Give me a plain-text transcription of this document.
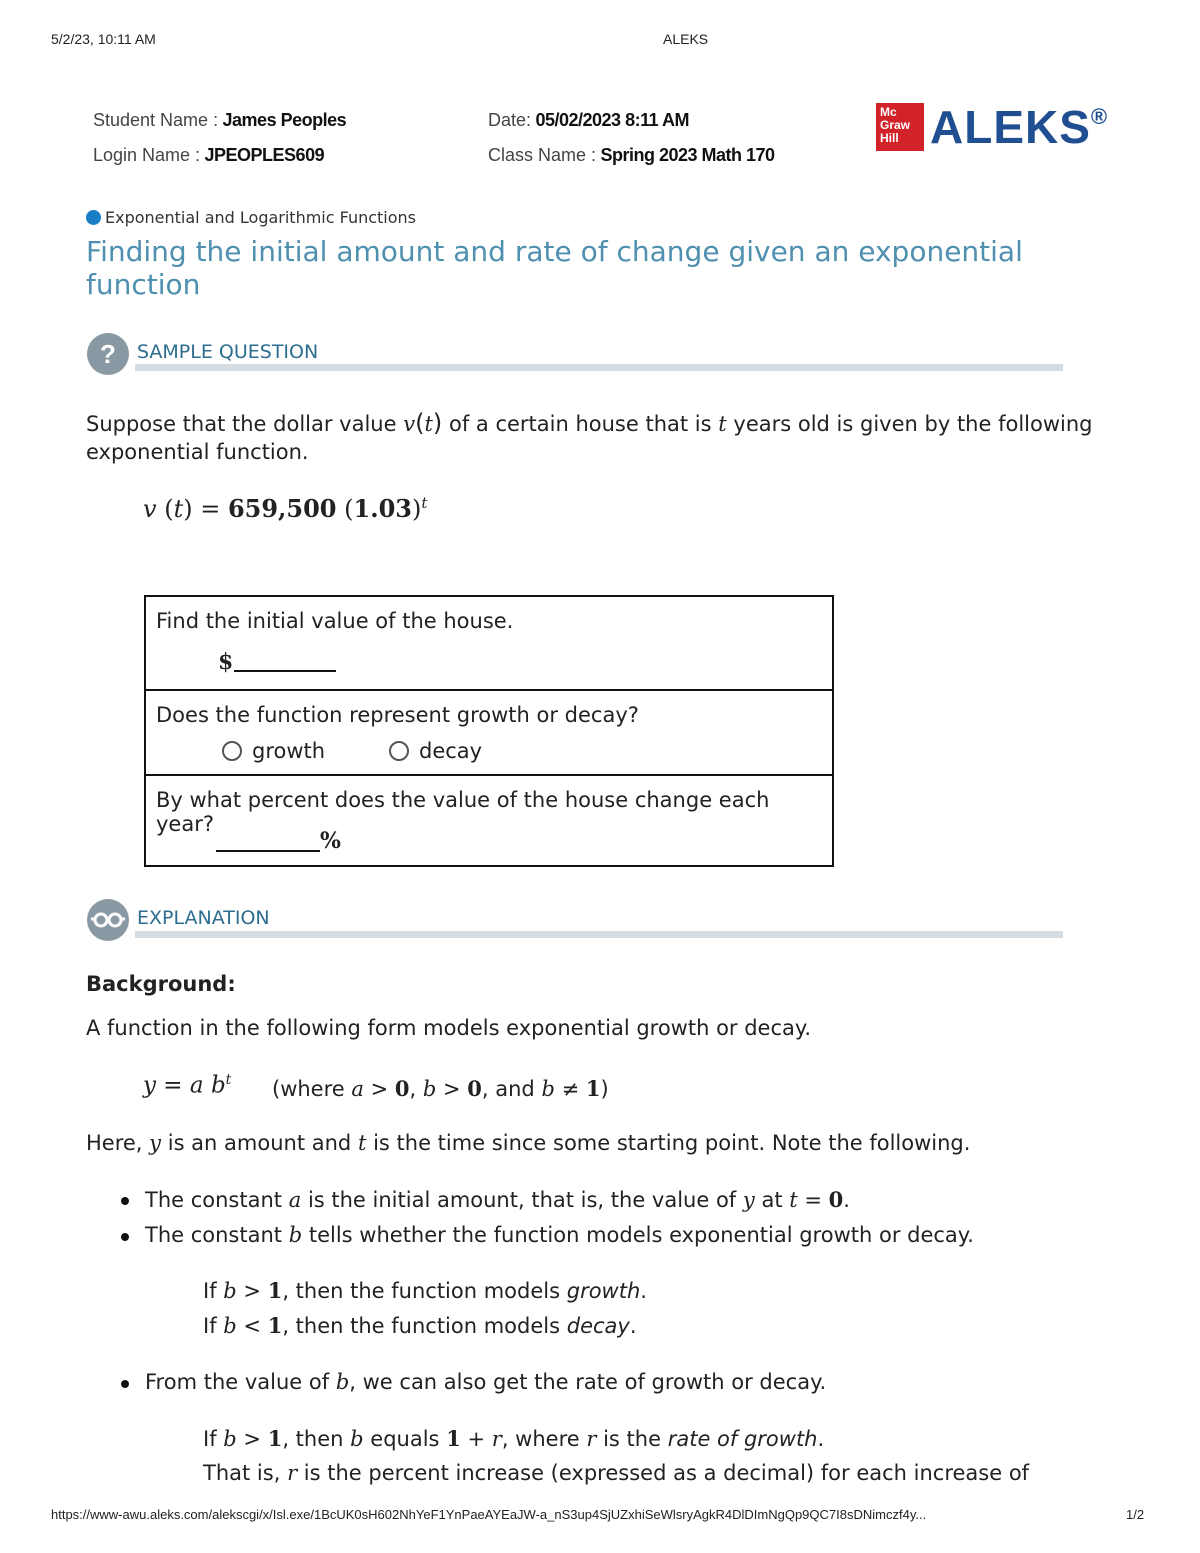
5/2/23, 10:11 AM	ALEKS
Student Name : James Peoples
Login Name : JPEOPLES609
Date: 05/02/2023 8:11 AM
Class Name : Spring 2023 Math 170
Mc
Graw
Hill ALEKS®
Exponential and Logarithmic Functions
Finding the initial amount and rate of change given an exponential
function
?	SAMPLE QUESTION
Suppose that the dollar value v(t) of a certain house that is t years old is given by the following
exponential function.
v (t) = 659,500 $(1.03)^t$
Find the initial value of the house.
$
Does the function represent growth or decay?
growth	decay
By what percent does the value of the house change each year?
%
EXPLANATION
Background:
A function in the following form models exponential growth or decay.
y = a $b^t$ (where a > 0, b > 0, and b ≠ 1)
Here, y is an amount and t is the time since some starting point. Note the following.
The constant a is the initial amount, that is, the value of y at t = 0.
The constant b tells whether the function models exponential growth or decay.
If b > 1, then the function models growth.
If b < 1, then the function models decay.
From the value of b, we can also get the rate of growth or decay.
If b > 1, then b equals 1 + r, where r is the rate of growth.
That is, r is the percent increase (expressed as a decimal) for each increase of
https://www-awu.aleks.com/alekscgi/x/Isl.exe/1BcUK0sH602NhYeF1YnPaeAYEaJW-a_nS3up4SjUZxhiSeWlsryAgkR4DlDImNgQp9QC7I8sDNimczf4y...	1/2
